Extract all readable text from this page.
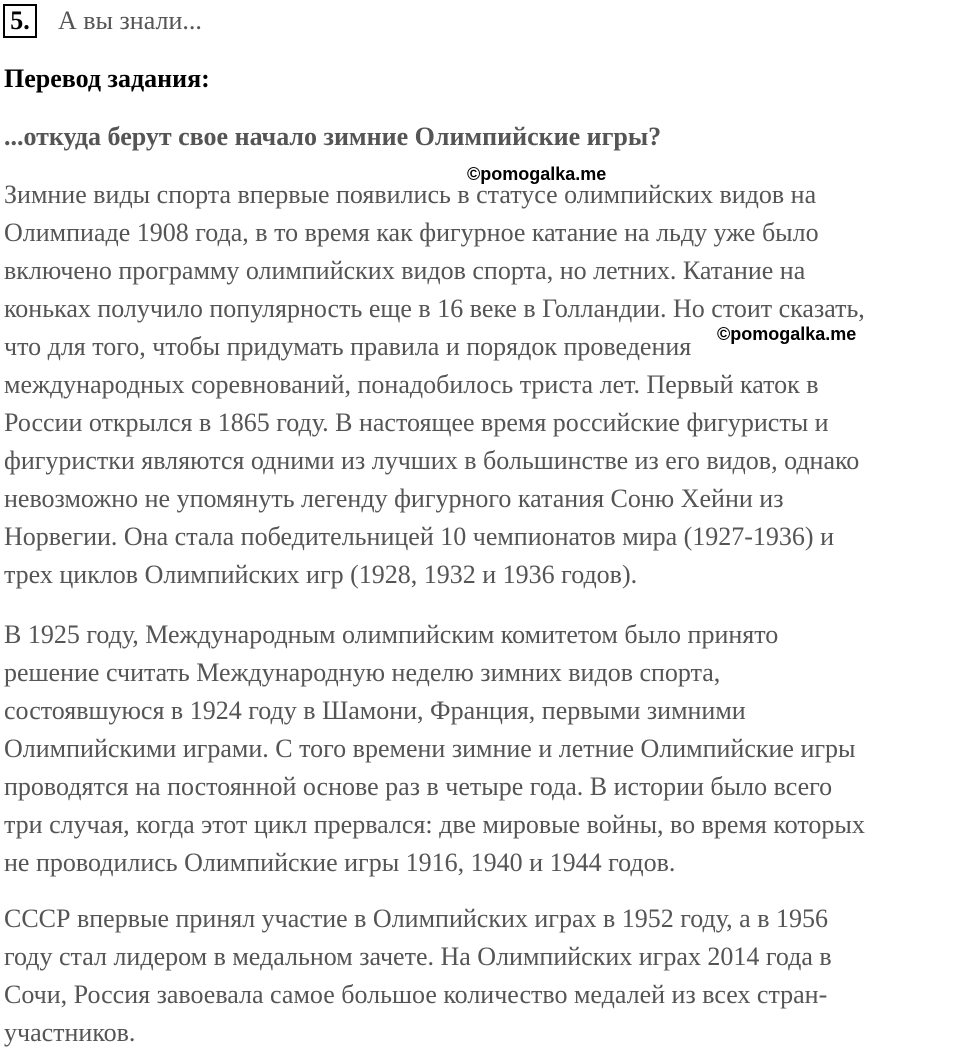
5. А вы знали...
Перевод задания:
...откуда берут свое начало зимние Олимпийские игры?
Зимние виды спорта впервые появились в статусе олимпийских видов на
Олимпиаде 1908 года, в то время как фигурное катание на льду уже было
включено программу олимпийских видов спорта, но летних. Катание на
коньках получило популярность еще в 16 веке в Голландии. Но стоит сказать,
что для того, чтобы придумать правила и порядок проведения
международных соревнований, понадобилось триста лет. Первый каток в
России открылся в 1865 году. В настоящее время российские фигуристы и
фигуристки являются одними из лучших в большинстве из его видов, однако
невозможно не упомянуть легенду фигурного катания Соню Хейни из
Норвегии. Она стала победительницей 10 чемпионатов мира (1927-1936) и
трех циклов Олимпийских игр (1928, 1932 и 1936 годов).
В 1925 году, Международным олимпийским комитетом было принято
решение считать Международную неделю зимних видов спорта,
состоявшуюся в 1924 году в Шамони, Франция, первыми зимними
Олимпийскими играми. С того времени зимние и летние Олимпийские игры
проводятся на постоянной основе раз в четыре года. В истории было всего
три случая, когда этот цикл прервался: две мировые войны, во время которых
не проводились Олимпийские игры 1916, 1940 и 1944 годов.
СССР впервые принял участие в Олимпийских играх в 1952 году, а в 1956
году стал лидером в медальном зачете. На Олимпийских играх 2014 года в
Сочи, Россия завоевала самое большое количество медалей из всех стран-
участников.
©pomogalka.me
©pomogalka.me
